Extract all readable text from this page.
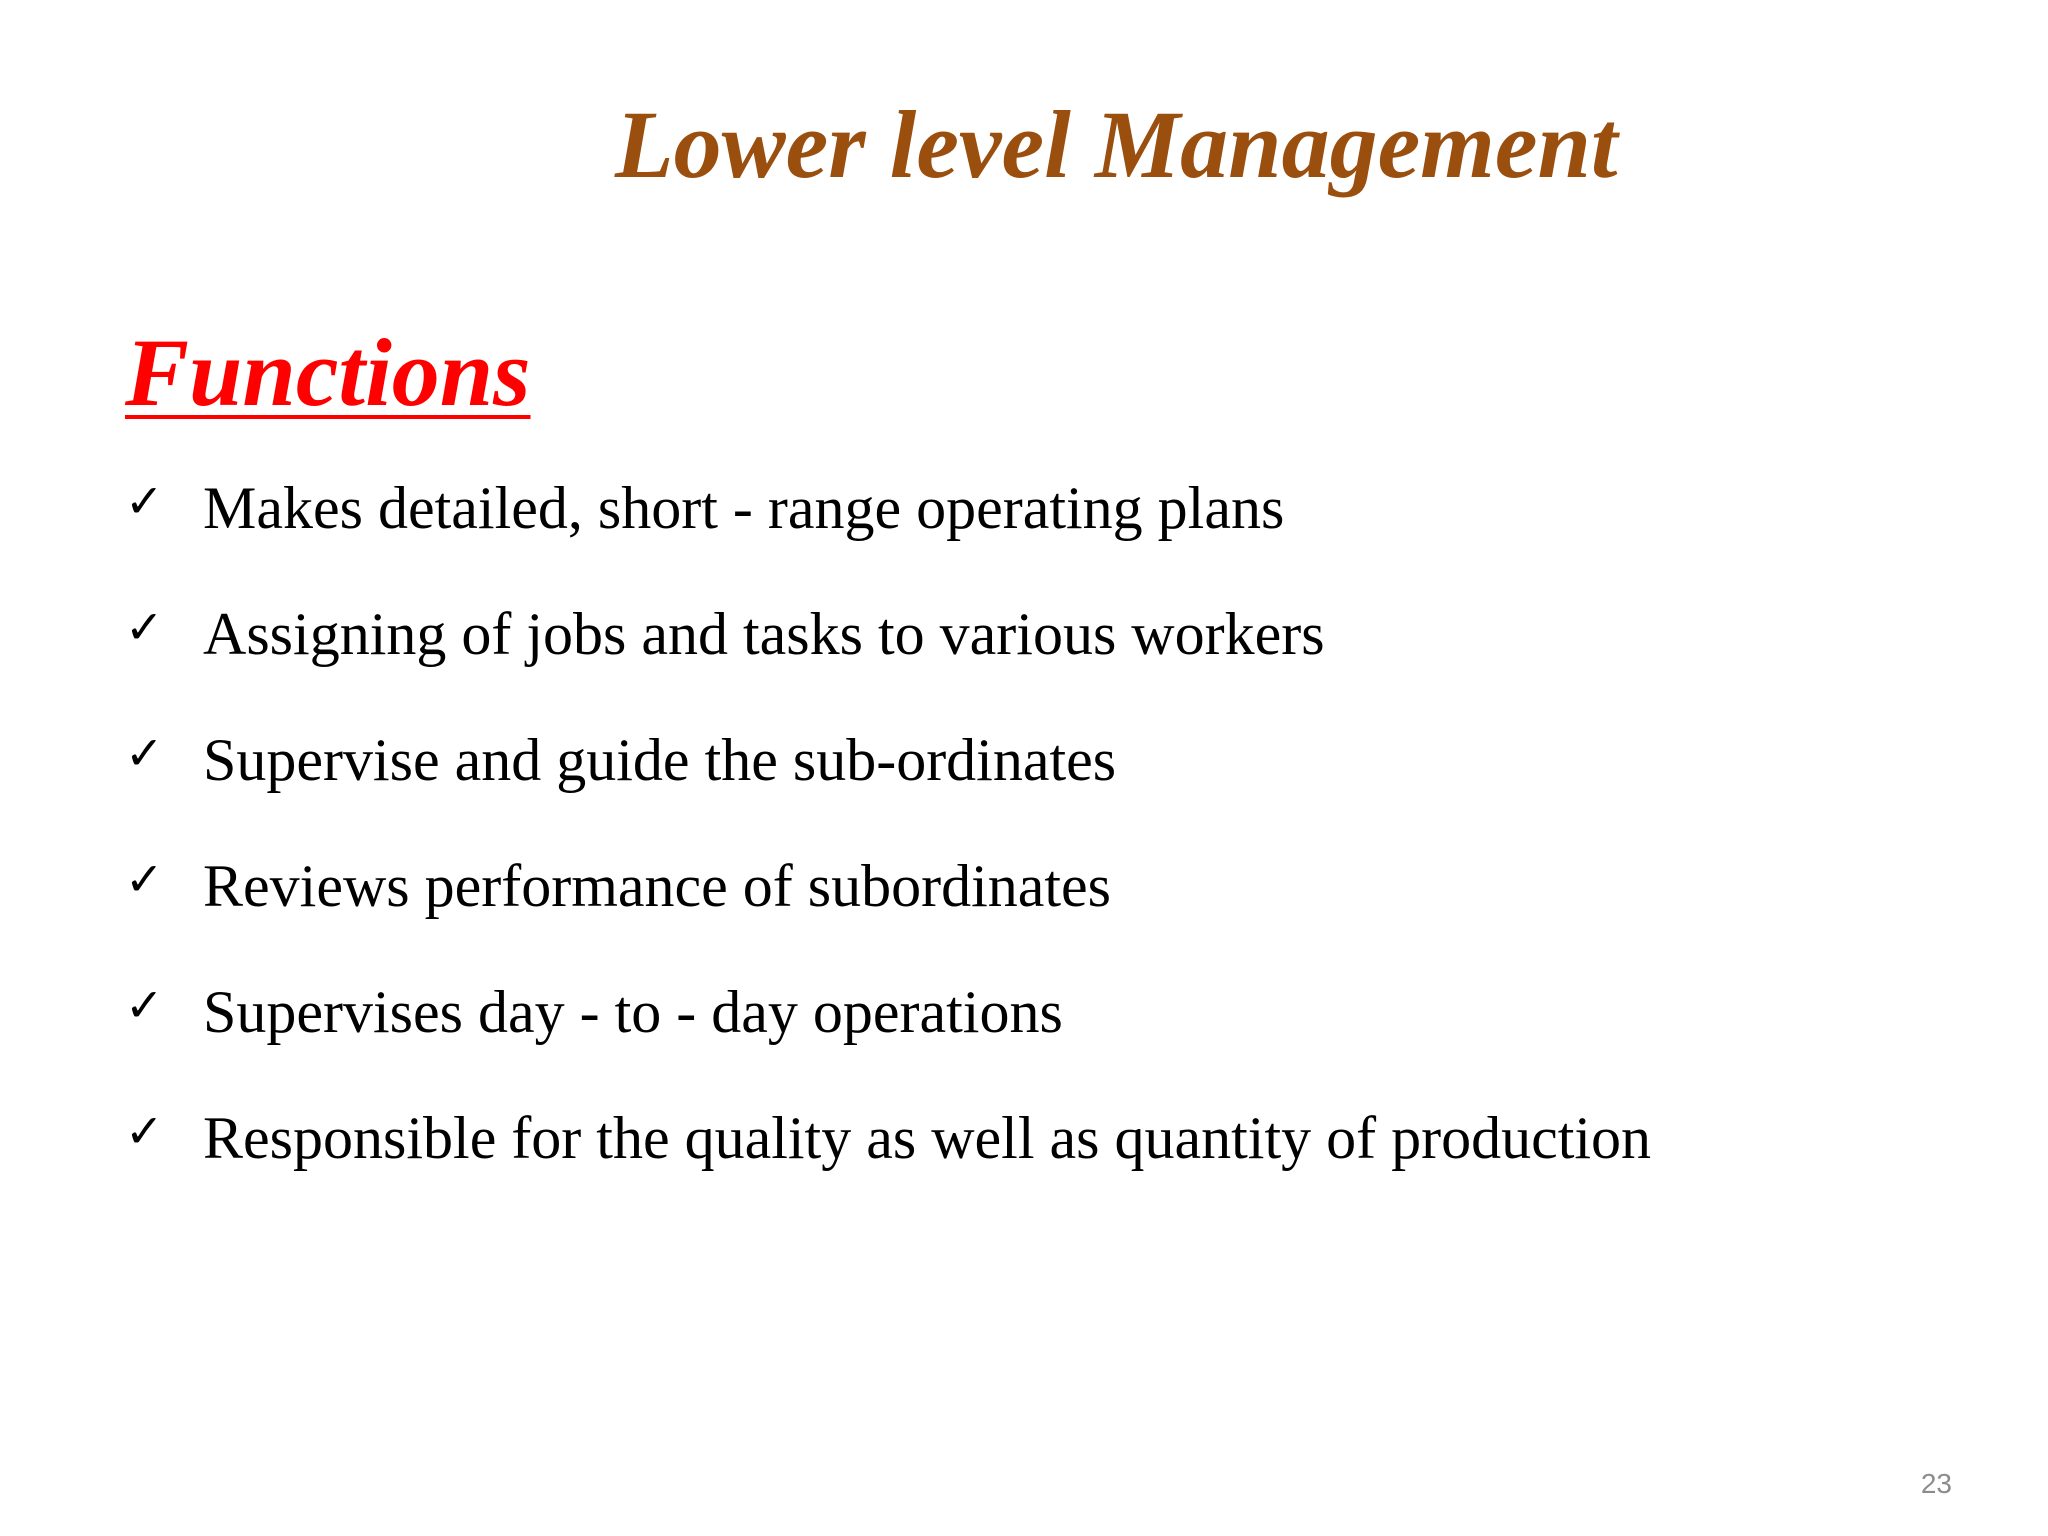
Lower level Management
Functions
✓ Makes detailed, short - range operating plans
✓ Assigning of jobs and tasks to various workers
✓ Supervise and guide the sub-ordinates
✓ Reviews performance of subordinates
✓ Supervises day - to - day operations
✓ Responsible for the quality as well as quantity of production
23
